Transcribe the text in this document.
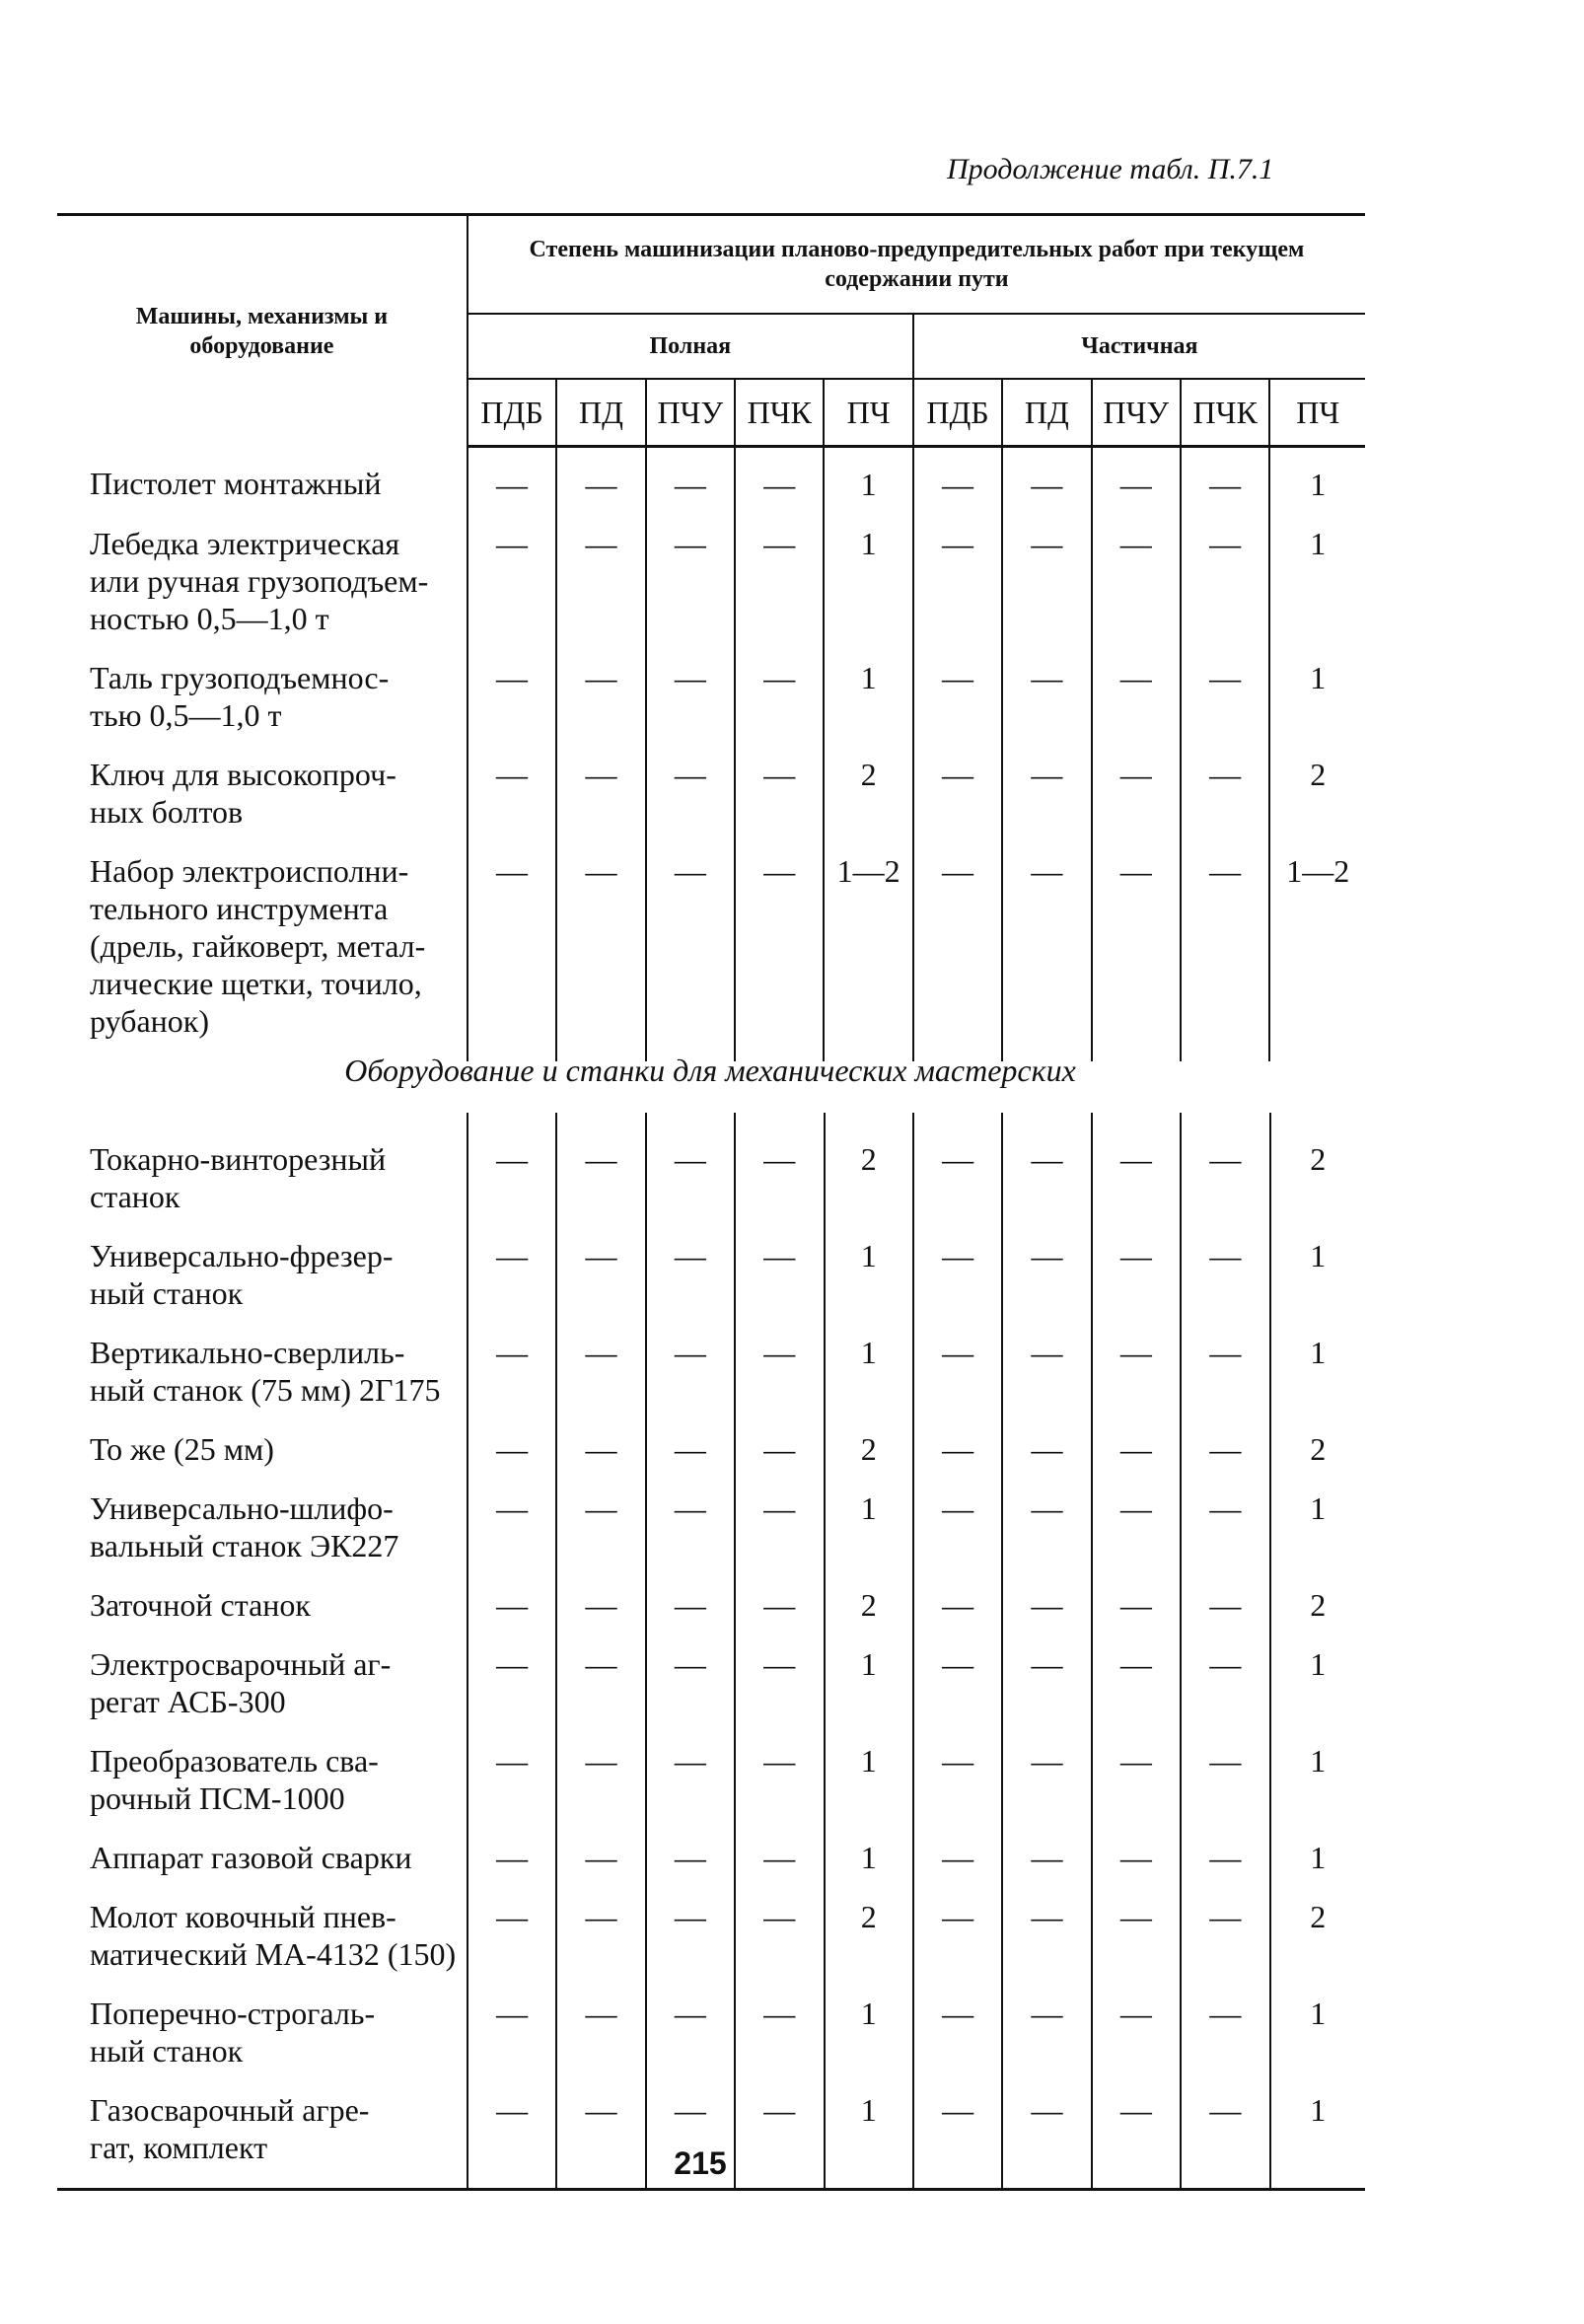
Продолжение табл. П.7.1
Машины, механизмы и оборудование	Степень машинизации планово-предупредительных работ при текущем содержании пути									
	Полная					Частичная				
	ПДБ	ПД	ПЧУ	ПЧК	ПЧ	ПДБ	ПД	ПЧУ	ПЧК	ПЧ

Пистолет монтажный	—	—	—	—	1	—	—	—	—	1

Лебедка электрическая
или ручная грузоподъем-
ностью 0,5—1,0 т	—	—	—	—	1	—	—	—	—	1

Таль грузоподъемнос-
тью 0,5—1,0 т	—	—	—	—	1	—	—	—	—	1

Ключ для высокопроч-
ных болтов	—	—	—	—	2	—	—	—	—	2

Набор электроисполни-
тельного инструмента
(дрель, гайковерт, метал-
лические щетки, точило,
рубанок)	—	—	—	—	1—2	—	—	—	—	1—2
Оборудование и станки для механических мастерских
Токарно-винторезный
станок	—	—	—	—	2	—	—	—	—	2

Универсально-фрезер-
ный станок	—	—	—	—	1	—	—	—	—	1

Вертикально-сверлиль-
ный станок (75 мм) 2Г175	—	—	—	—	1	—	—	—	—	1

То же (25 мм)	—	—	—	—	2	—	—	—	—	2

Универсально-шлифо-
вальный станок ЭК227	—	—	—	—	1	—	—	—	—	1

Заточной станок	—	—	—	—	2	—	—	—	—	2

Электросварочный аг-
регат АСБ-300	—	—	—	—	1	—	—	—	—	1

Преобразователь сва-
рочный ПСМ-1000	—	—	—	—	1	—	—	—	—	1

Аппарат газовой сварки	—	—	—	—	1	—	—	—	—	1

Молот ковочный пнев-
матический МА-4132 (150)	—	—	—	—	2	—	—	—	—	2

Поперечно-строгаль-
ный станок	—	—	—	—	1	—	—	—	—	1

Газосварочный агре-
гат, комплект	—	—	—	—	1	—	—	—	—	1
215
